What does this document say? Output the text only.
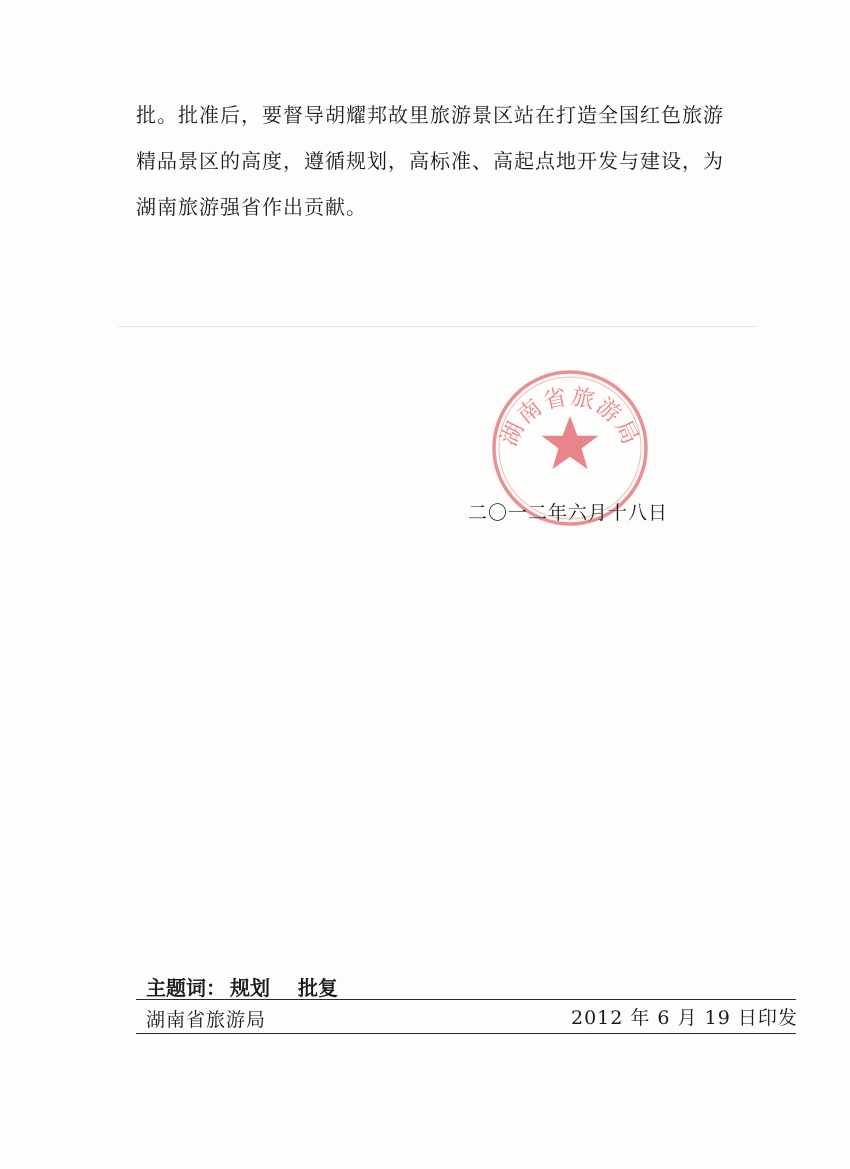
批。批准后，要督导胡耀邦故里旅游景区站在打造全国红色旅游

精品景区的高度，遵循规划，高标准、高起点地开发与建设，为

湖南旅游强省作出贡献。

湖南省旅游局
二〇一二年六月十八日
主题词： 规划 批复
湖南省旅游局	2012 年 6 月 19 日印发
